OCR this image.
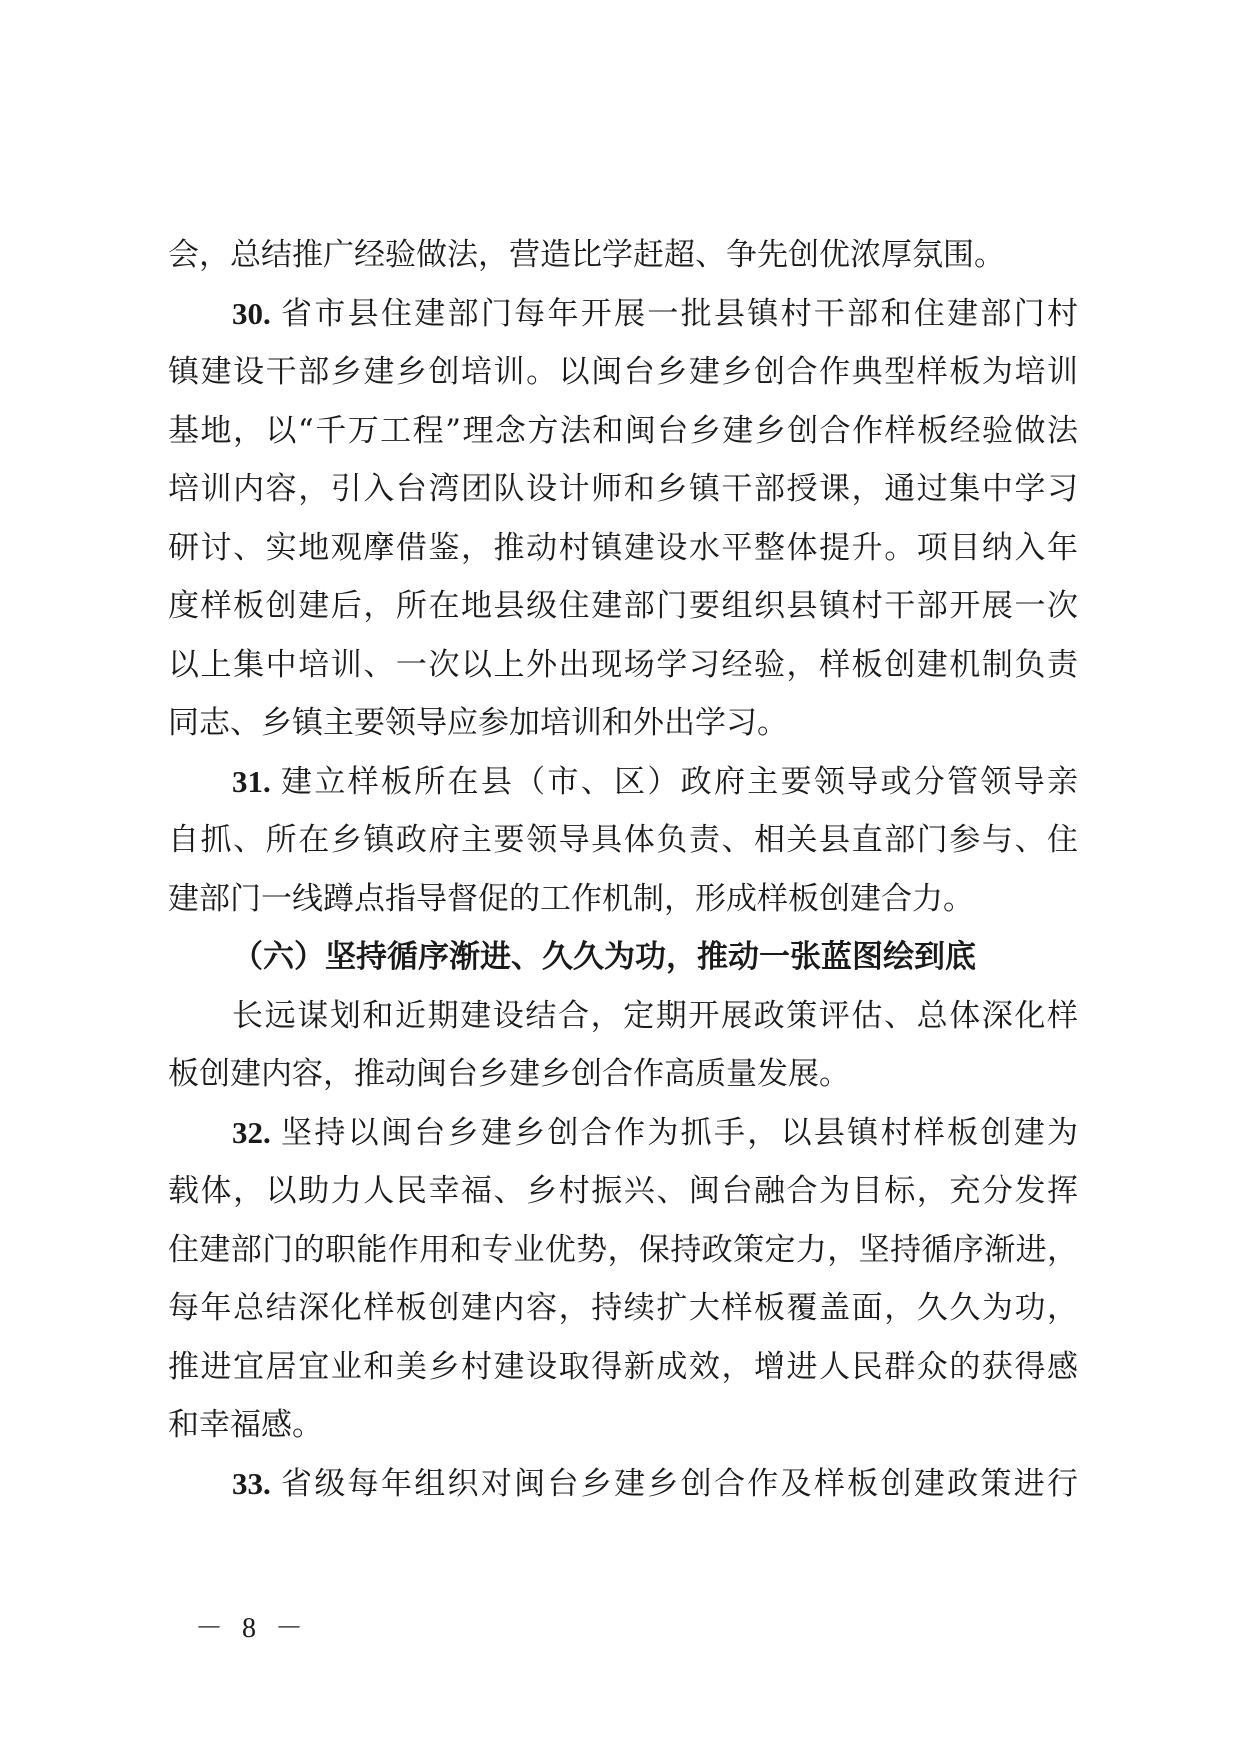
会，总结推广经验做法，营造比学赶超、争先创优浓厚氛围。
30. 省市县住建部门每年开展一批县镇村干部和住建部门村
镇建设干部乡建乡创培训。以闽台乡建乡创合作典型样板为培训
基地，以“千万工程”理念方法和闽台乡建乡创合作样板经验做法
培训内容，引入台湾团队设计师和乡镇干部授课，通过集中学习
研讨、实地观摩借鉴，推动村镇建设水平整体提升。项目纳入年
度样板创建后，所在地县级住建部门要组织县镇村干部开展一次
以上集中培训、一次以上外出现场学习经验，样板创建机制负责
同志、乡镇主要领导应参加培训和外出学习。
31. 建立样板所在县（市、区）政府主要领导或分管领导亲
自抓、所在乡镇政府主要领导具体负责、相关县直部门参与、住
建部门一线蹲点指导督促的工作机制，形成样板创建合力。
（六）坚持循序渐进、久久为功，推动一张蓝图绘到底
长远谋划和近期建设结合，定期开展政策评估、总体深化样
板创建内容，推动闽台乡建乡创合作高质量发展。
32. 坚持以闽台乡建乡创合作为抓手，以县镇村样板创建为
载体，以助力人民幸福、乡村振兴、闽台融合为目标，充分发挥
住建部门的职能作用和专业优势，保持政策定力，坚持循序渐进，
每年总结深化样板创建内容，持续扩大样板覆盖面，久久为功，
推进宜居宜业和美乡村建设取得新成效，增进人民群众的获得感
和幸福感。
33. 省级每年组织对闽台乡建乡创合作及样板创建政策进行
－ 8 －
